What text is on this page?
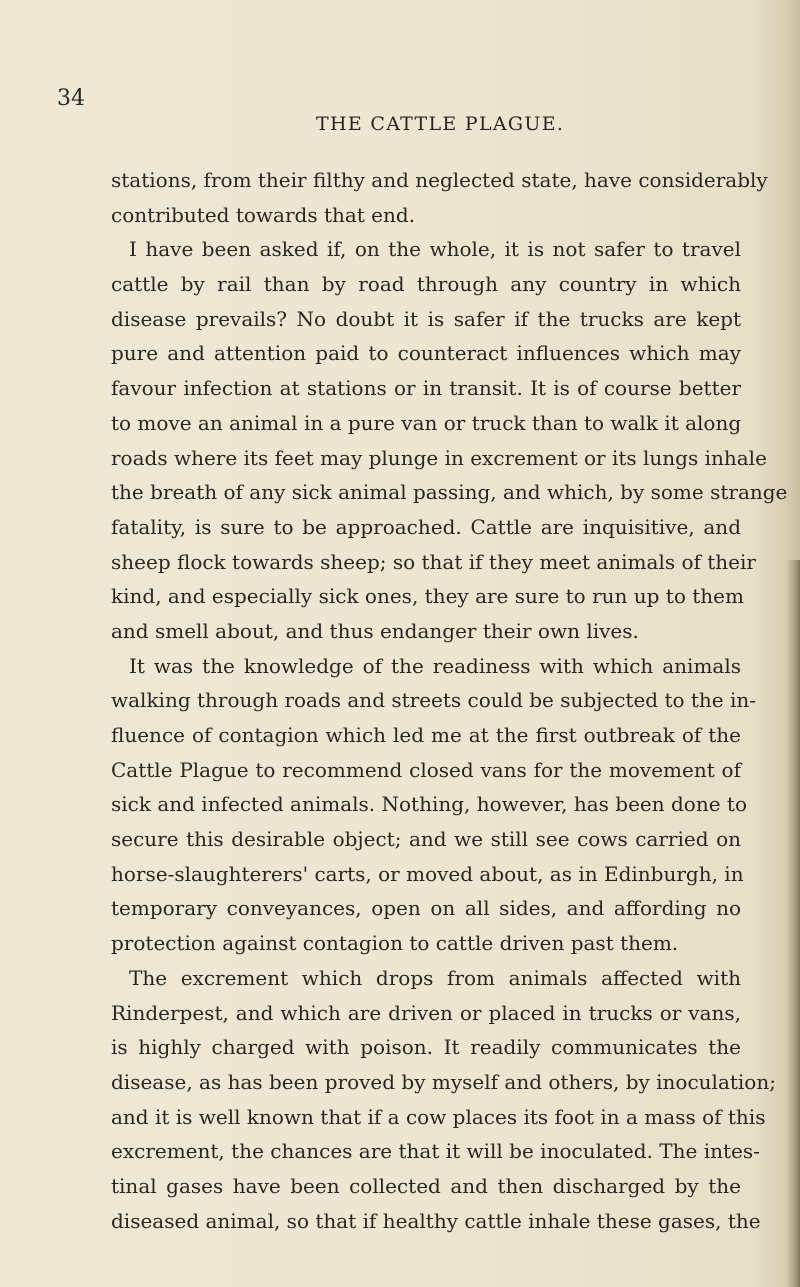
34
THE CATTLE PLAGUE.
stations, from their filthy and neglected state, have considerably
contributed towards that end.
I have been asked if, on the whole, it is not safer to travel
cattle by rail than by road through any country in which
disease prevails? No doubt it is safer if the trucks are kept
pure and attention paid to counteract influences which may
favour infection at stations or in transit. It is of course better
to move an animal in a pure van or truck than to walk it along
roads where its feet may plunge in excrement or its lungs inhale
the breath of any sick animal passing, and which, by some strange
fatality, is sure to be approached. Cattle are inquisitive, and
sheep flock towards sheep; so that if they meet animals of their
kind, and especially sick ones, they are sure to run up to them
and smell about, and thus endanger their own lives.
It was the knowledge of the readiness with which animals
walking through roads and streets could be subjected to the in-
fluence of contagion which led me at the first outbreak of the
Cattle Plague to recommend closed vans for the movement of
sick and infected animals. Nothing, however, has been done to
secure this desirable object; and we still see cows carried on
horse-slaughterers' carts, or moved about, as in Edinburgh, in
temporary conveyances, open on all sides, and affording no
protection against contagion to cattle driven past them.
The excrement which drops from animals affected with
Rinderpest, and which are driven or placed in trucks or vans,
is highly charged with poison. It readily communicates the
disease, as has been proved by myself and others, by inoculation;
and it is well known that if a cow places its foot in a mass of this
excrement, the chances are that it will be inoculated. The intes-
tinal gases have been collected and then discharged by the
diseased animal, so that if healthy cattle inhale these gases, the
